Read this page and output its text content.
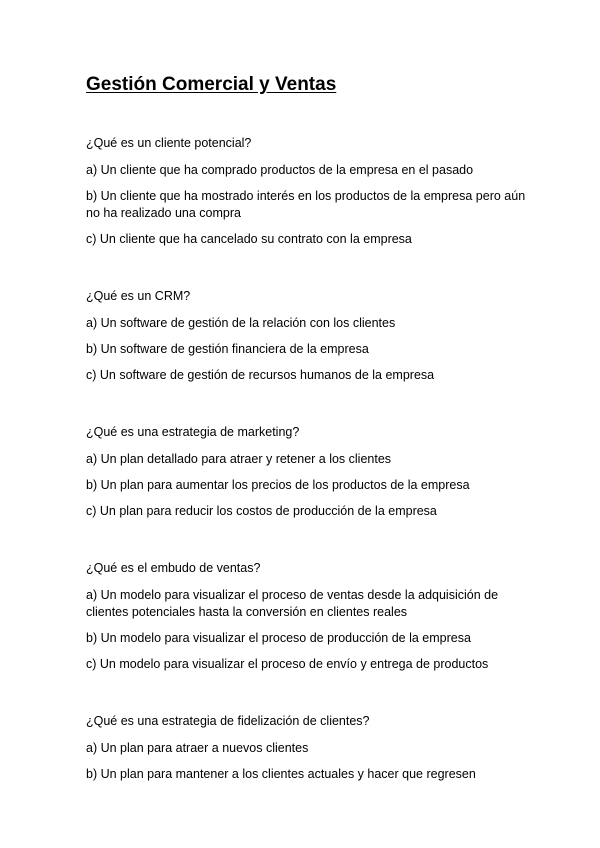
Gestión Comercial y Ventas

¿Qué es un cliente potencial?

a) Un cliente que ha comprado productos de la empresa en el pasado

b) Un cliente que ha mostrado interés en los productos de la empresa pero aún no ha realizado una compra

c) Un cliente que ha cancelado su contrato con la empresa

¿Qué es un CRM?

a) Un software de gestión de la relación con los clientes

b) Un software de gestión financiera de la empresa

c) Un software de gestión de recursos humanos de la empresa

¿Qué es una estrategia de marketing?

a) Un plan detallado para atraer y retener a los clientes

b) Un plan para aumentar los precios de los productos de la empresa

c) Un plan para reducir los costos de producción de la empresa

¿Qué es el embudo de ventas?

a) Un modelo para visualizar el proceso de ventas desde la adquisición de clientes potenciales hasta la conversión en clientes reales

b) Un modelo para visualizar el proceso de producción de la empresa

c) Un modelo para visualizar el proceso de envío y entrega de productos

¿Qué es una estrategia de fidelización de clientes?

a) Un plan para atraer a nuevos clientes

b) Un plan para mantener a los clientes actuales y hacer que regresen
